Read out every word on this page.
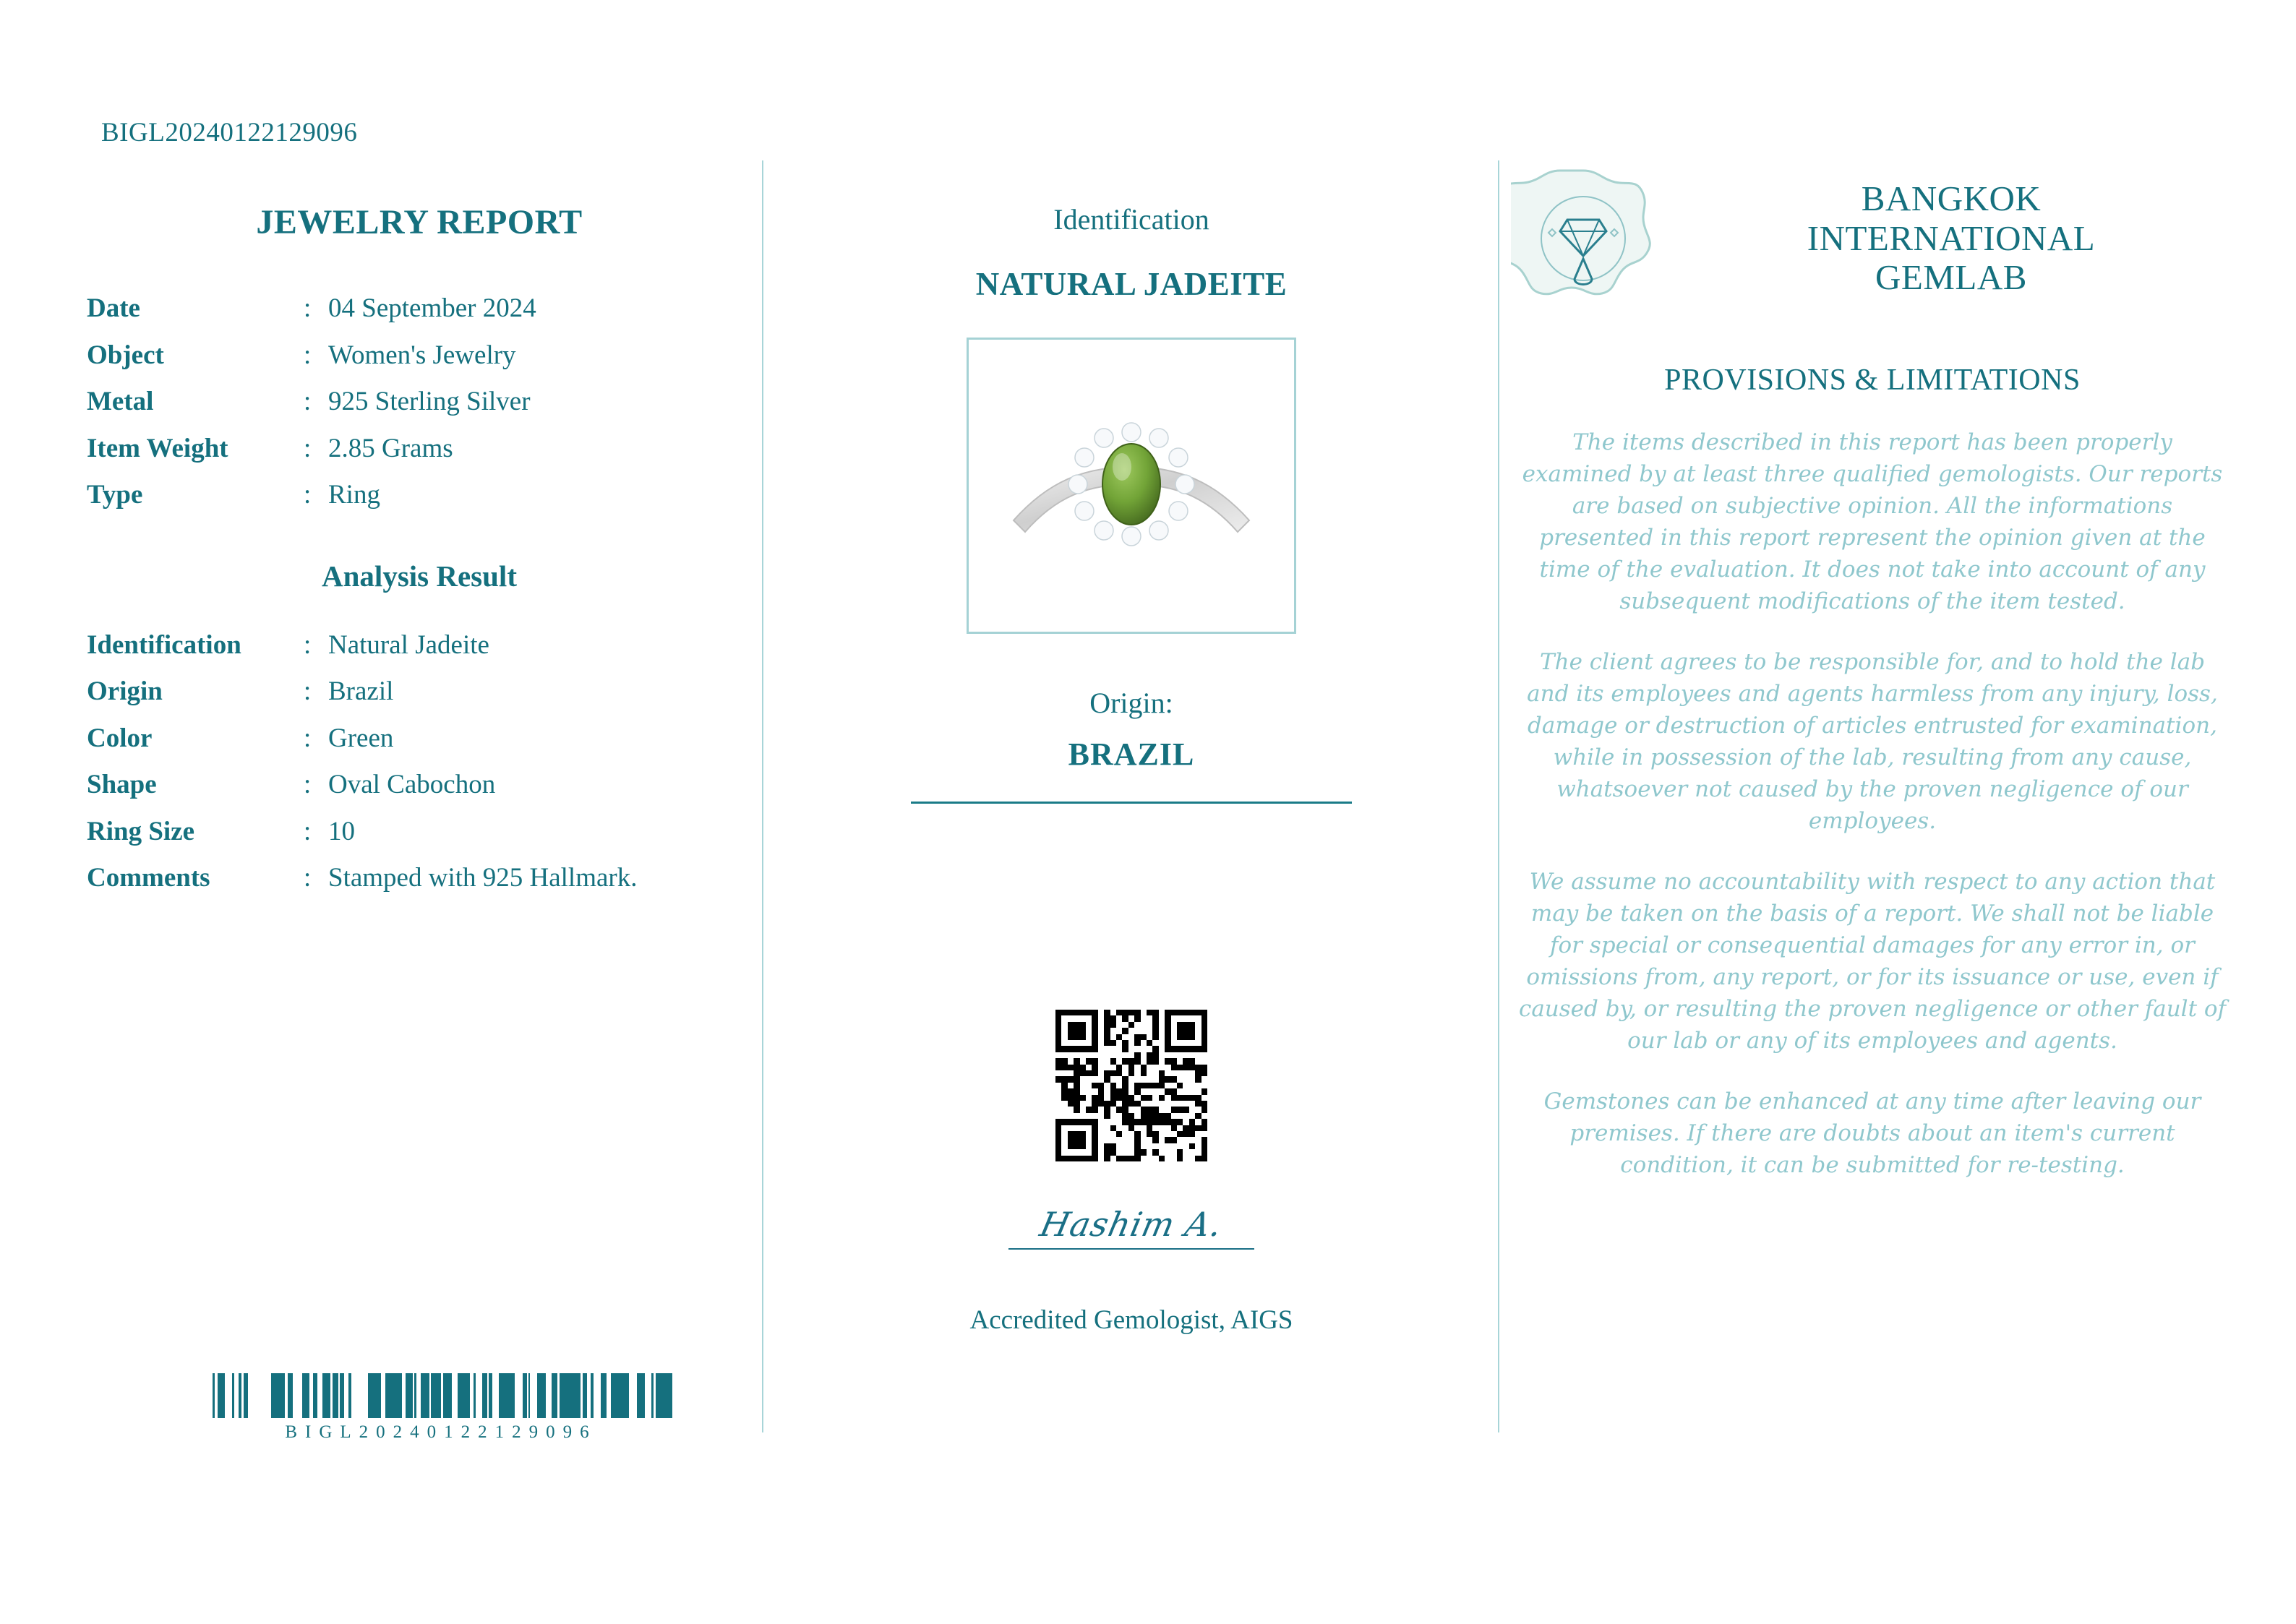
BIGL20240122129096
JEWELRY REPORT
Date	:	04 September 2024
Object	:	Women's Jewelry
Metal	:	925 Sterling Silver
Item Weight	:	2.85 Grams
Type	:	Ring
Analysis Result
Identification	:	Natural Jadeite
Origin	:	Brazil
Color	:	Green
Shape	:	Oval Cabochon
Ring Size	:	10
Comments	:	Stamped with 925 Hallmark.
BIGL20240122129096
Identification
NATURAL JADEITE
Origin:
BRAZIL
Hashim A.
Accredited Gemologist, AIGS
BANGKOK
INTERNATIONAL
GEMLAB
PROVISIONS & LIMITATIONS

The items described in this report has been properly examined by at least three qualified gemologists. Our reports are based on subjective opinion. All the informations presented in this report represent the opinion given at the time of the evaluation. It does not take into account of any subsequent modifications of the item tested.

The client agrees to be responsible for, and to hold the lab and its employees and agents harmless from any injury, loss, damage or destruction of articles entrusted for examination, while in possession of the lab, resulting from any cause, whatsoever not caused by the proven negligence of our employees.

We assume no accountability with respect to any action that may be taken on the basis of a report. We shall not be liable for special or consequential damages for any error in, or omissions from, any report, or for its issuance or use, even if caused by, or resulting the proven negligence or other fault of our lab or any of its employees and agents.

Gemstones can be enhanced at any time after leaving our premises. If there are doubts about an item's current condition, it can be submitted for re-testing.
